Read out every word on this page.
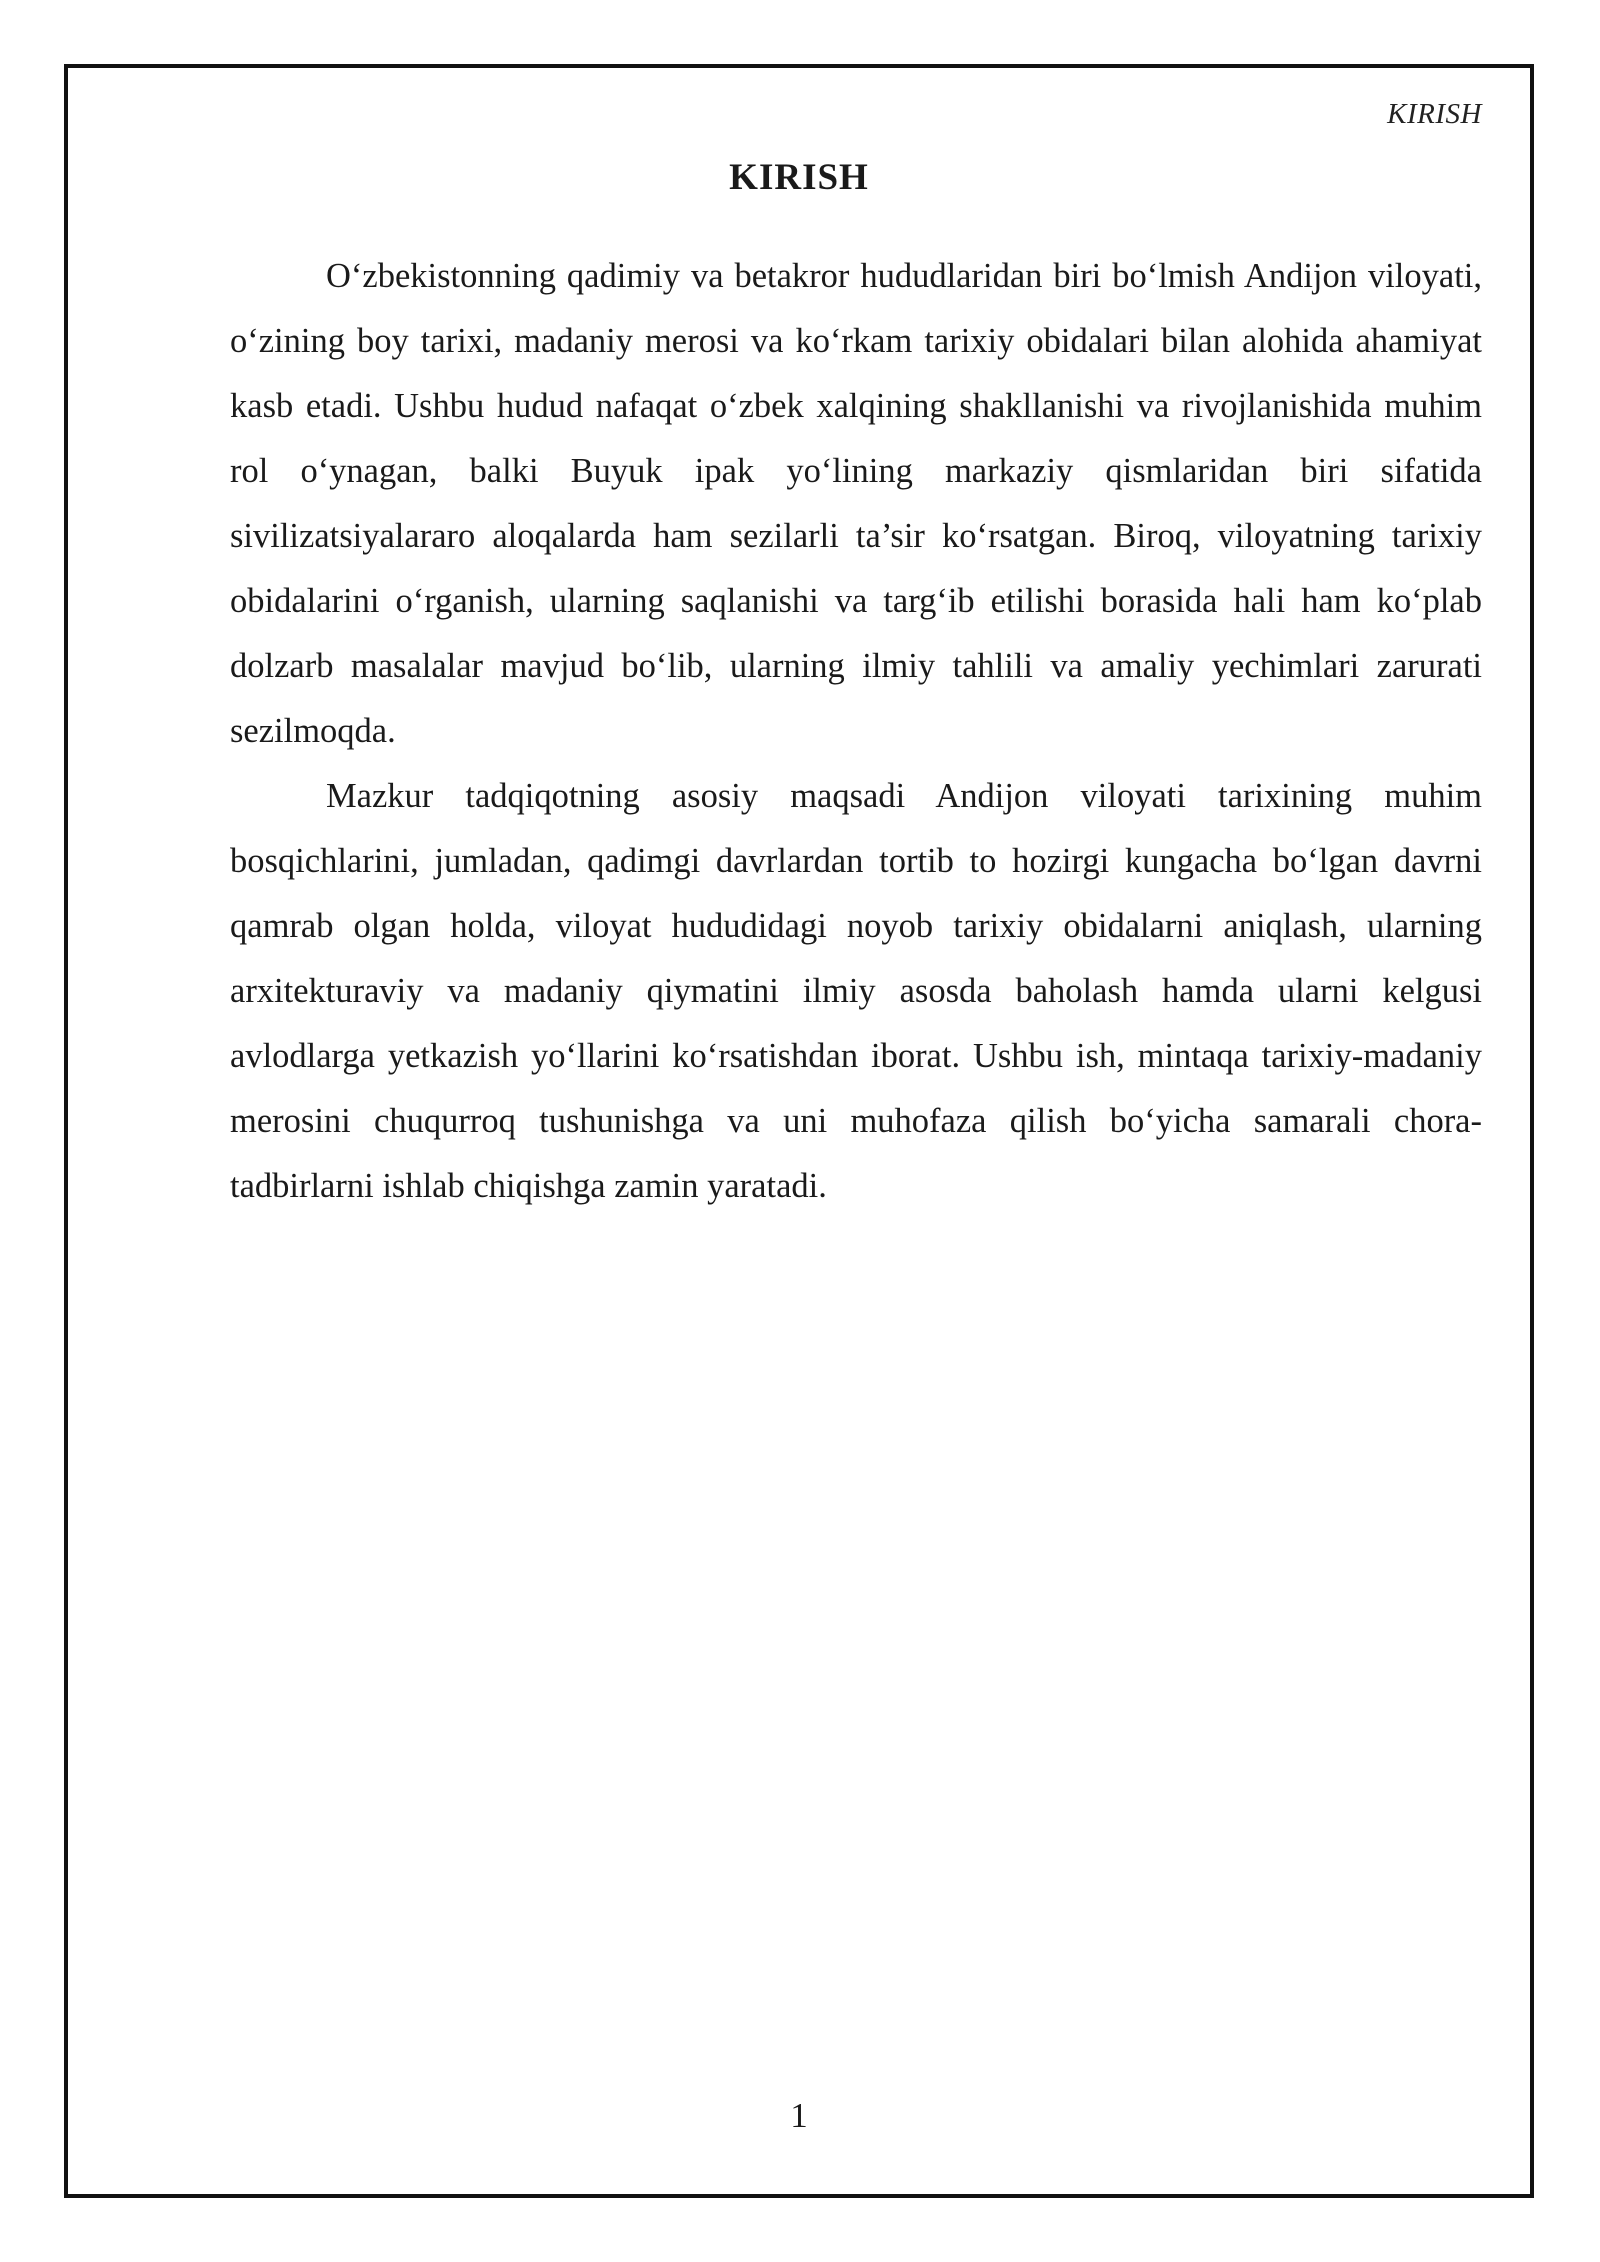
KIRISH
KIRISH

O‘zbekistonning qadimiy va betakror hududlaridan biri bo‘lmish Andijon viloyati, o‘zining boy tarixi, madaniy merosi va ko‘rkam tarixiy obidalari bilan alohida ahamiyat kasb etadi. Ushbu hudud nafaqat o‘zbek xalqining shakllanishi va rivojlanishida muhim rol o‘ynagan, balki Buyuk ipak yo‘lining markaziy qismlaridan biri sifatida sivilizatsiyalararo aloqalarda ham sezilarli ta’sir ko‘rsatgan. Biroq, viloyatning tarixiy obidalarini o‘rganish, ularning saqlanishi va targ‘ib etilishi borasida hali ham ko‘plab dolzarb masalalar mavjud bo‘lib, ularning ilmiy tahlili va amaliy yechimlari zarurati sezilmoqda.

Mazkur tadqiqotning asosiy maqsadi Andijon viloyati tarixining muhim bosqichlarini, jumladan, qadimgi davrlardan tortib to hozirgi kungacha bo‘lgan davrni qamrab olgan holda, viloyat hududidagi noyob tarixiy obidalarni aniqlash, ularning arxitekturaviy va madaniy qiymatini ilmiy asosda baholash hamda ularni kelgusi avlodlarga yetkazish yo‘llarini ko‘rsatishdan iborat. Ushbu ish, mintaqa tarixiy-madaniy merosini chuqurroq tushunishga va uni muhofaza qilish bo‘yicha samarali chora-tadbirlarni ishlab chiqishga zamin yaratadi.

1
